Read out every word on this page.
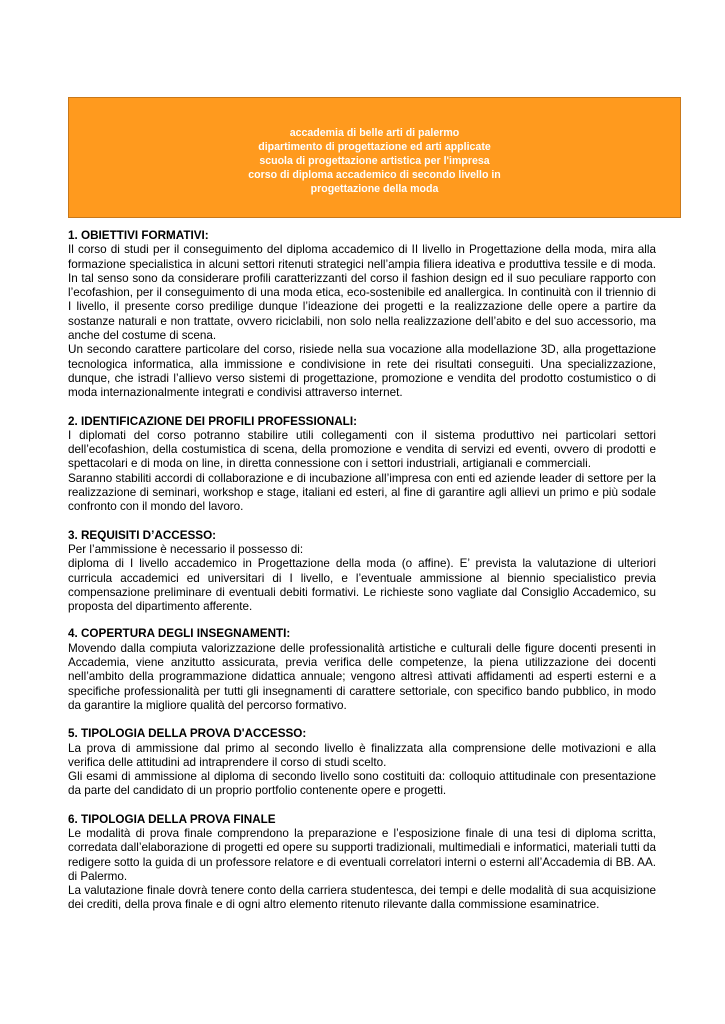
accademia di belle arti di palermo
dipartimento di progettazione ed arti applicate
scuola di progettazione artistica per l'impresa
corso di diploma accademico di secondo livello in
progettazione della moda
1. OBIETTIVI FORMATIVI:

Il corso di studi per il conseguimento del diploma accademico di II livello in Progettazione della moda, mira alla formazione specialistica in alcuni settori ritenuti strategici nell’ampia filiera ideativa e produttiva tessile e di moda. In tal senso sono da considerare profili caratterizzanti del corso il fashion design ed il suo peculiare rapporto con l’ecofashion, per il conseguimento di una moda etica, eco-sostenibile ed anallergica. In continuità con il triennio di I livello, il presente corso predilige dunque l’ideazione dei progetti e la realizzazione delle opere a partire da sostanze naturali e non trattate, ovvero riciclabili, non solo nella realizzazione dell’abito e del suo accessorio, ma anche del costume di scena.

Un secondo carattere particolare del corso, risiede nella sua vocazione alla modellazione 3D, alla progettazione tecnologica informatica, alla immissione e condivisione in rete dei risultati conseguiti. Una specializzazione, dunque, che istradi l’allievo verso sistemi di progettazione, promozione e vendita del prodotto costumistico o di moda internazionalmente integrati e condivisi attraverso internet.

2. IDENTIFICAZIONE DEI PROFILI PROFESSIONALI:

I diplomati del corso potranno stabilire utili collegamenti con il sistema produttivo nei particolari settori dell’ecofashion, della costumistica di scena, della promozione e vendita di servizi ed eventi, ovvero di prodotti e spettacolari e di moda on line, in diretta connessione con i settori industriali, artigianali e commerciali.

Saranno stabiliti accordi di collaborazione e di incubazione all’impresa con enti ed aziende leader di settore per la realizzazione di seminari, workshop e stage, italiani ed esteri, al fine di garantire agli allievi un primo e più sodale confronto con il mondo del lavoro.

3. REQUISITI D’ACCESSO:

Per l’ammissione è necessario il possesso di:

diploma di I livello accademico in Progettazione della moda (o affine). E’ prevista la valutazione di ulteriori curricula accademici ed universitari di I livello, e l’eventuale ammissione al biennio specialistico previa compensazione preliminare di eventuali debiti formativi. Le richieste sono vagliate dal Consiglio Accademico, su proposta del dipartimento afferente.

4. COPERTURA DEGLI INSEGNAMENTI:

Movendo dalla compiuta valorizzazione delle professionalità artistiche e culturali delle figure docenti presenti in Accademia, viene anzitutto assicurata, previa verifica delle competenze, la piena utilizzazione dei docenti nell’ambito della programmazione didattica annuale; vengono altresì attivati affidamenti ad esperti esterni e a specifiche professionalità per tutti gli insegnamenti di carattere settoriale, con specifico bando pubblico, in modo da garantire la migliore qualità del percorso formativo.

5. TIPOLOGIA DELLA PROVA D'ACCESSO:

La prova di ammissione dal primo al secondo livello è finalizzata alla comprensione delle motivazioni e alla verifica delle attitudini ad intraprendere il corso di studi scelto.

Gli esami di ammissione al diploma di secondo livello sono costituiti da: colloquio attitudinale con presentazione da parte del candidato di un proprio portfolio contenente opere e progetti.

6. TIPOLOGIA DELLA PROVA FINALE

Le modalità di prova finale comprendono la preparazione e l’esposizione finale di una tesi di diploma scritta, corredata dall’elaborazione di progetti ed opere su supporti tradizionali, multimediali e informatici, materiali tutti da redigere sotto la guida di un professore relatore e di eventuali correlatori interni o esterni all’Accademia di BB. AA. di Palermo.

La valutazione finale dovrà tenere conto della carriera studentesca, dei tempi e delle modalità di sua acquisizione dei crediti, della prova finale e di ogni altro elemento ritenuto rilevante dalla commissione esaminatrice.
